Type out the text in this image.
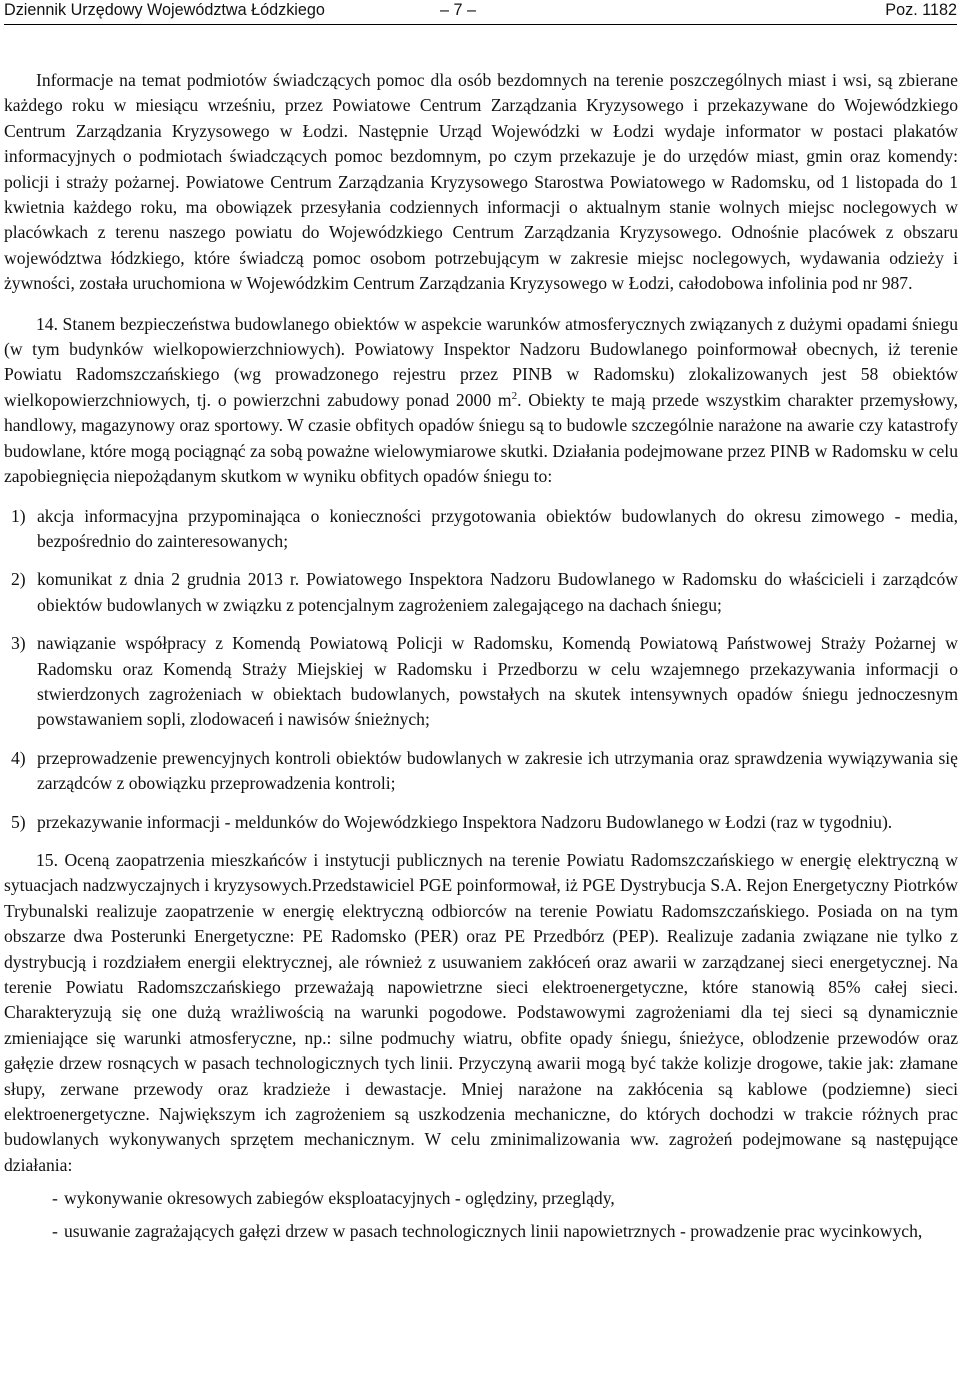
Dziennik Urzędowy Województwa Łódzkiego	– 7 –	Poz. 1182

Informacje na temat podmiotów świadczących pomoc dla osób bezdomnych na terenie poszczególnych miast i wsi, są zbierane każdego roku w miesiącu wrześniu, przez Powiatowe Centrum Zarządzania Kryzysowego i przekazywane do Wojewódzkiego Centrum Zarządzania Kryzysowego w Łodzi. Następnie Urząd Wojewódzki w Łodzi wydaje informator w postaci plakatów informacyjnych o podmiotach świadczących pomoc bezdomnym, po czym przekazuje je do urzędów miast, gmin oraz komendy: policji i straży pożarnej. Powiatowe Centrum Zarządzania Kryzysowego Starostwa Powiatowego w Radomsku, od 1 listopada do 1 kwietnia każdego roku, ma obowiązek przesyłania codziennych informacji o aktualnym stanie wolnych miejsc noclegowych w placówkach z terenu naszego powiatu do Wojewódzkiego Centrum Zarządzania Kryzysowego. Odnośnie placówek z obszaru województwa łódzkiego, które świadczą pomoc osobom potrzebującym w zakresie miejsc noclegowych, wydawania odzieży i żywności, została uruchomiona w Wojewódzkim Centrum Zarządzania Kryzysowego w Łodzi, całodobowa infolinia pod nr 987.

14. Stanem bezpieczeństwa budowlanego obiektów w aspekcie warunków atmosferycznych związanych z dużymi opadami śniegu (w tym budynków wielkopowierzchniowych). Powiatowy Inspektor Nadzoru Budowlanego poinformował obecnych, iż terenie Powiatu Radomszczańskiego (wg prowadzonego rejestru przez PINB w Radomsku) zlokalizowanych jest 58 obiektów wielkopowierzchniowych, tj. o powierzchni zabudowy ponad 2000 $m^2$. Obiekty te mają przede wszystkim charakter przemysłowy, handlowy, magazynowy oraz sportowy. W czasie obfitych opadów śniegu są to budowle szczególnie narażone na awarie czy katastrofy budowlane, które mogą pociągnąć za sobą poważne wielowymiarowe skutki. Działania podejmowane przez PINB w Radomsku w celu zapobiegnięcia niepożądanym skutkom w wyniku obfitych opadów śniegu to:

1) akcja informacyjna przypominająca o konieczności przygotowania obiektów budowlanych do okresu zimowego - media, bezpośrednio do zainteresowanych;
2) komunikat z dnia 2 grudnia 2013 r. Powiatowego Inspektora Nadzoru Budowlanego w Radomsku do właścicieli i zarządców obiektów budowlanych w związku z potencjalnym zagrożeniem zalegającego na dachach śniegu;
3) nawiązanie współpracy z Komendą Powiatową Policji w Radomsku, Komendą Powiatową Państwowej Straży Pożarnej w Radomsku oraz Komendą Straży Miejskiej w Radomsku i Przedborzu w celu wzajemnego przekazywania informacji o stwierdzonych zagrożeniach w obiektach budowlanych, powstałych na skutek intensywnych opadów śniegu jednoczesnym powstawaniem sopli, zlodowaceń i nawisów śnieżnych;
4) przeprowadzenie prewencyjnych kontroli obiektów budowlanych w zakresie ich utrzymania oraz sprawdzenia wywiązywania się zarządców z obowiązku przeprowadzenia kontroli;
5) przekazywanie informacji - meldunków do Wojewódzkiego Inspektora Nadzoru Budowlanego w Łodzi (raz w tygodniu).

15. Oceną zaopatrzenia mieszkańców i instytucji publicznych na terenie Powiatu Radomszczańskiego w energię elektryczną w sytuacjach nadzwyczajnych i kryzysowych.Przedstawiciel PGE poinformował, iż PGE Dystrybucja S.A. Rejon Energetyczny Piotrków Trybunalski realizuje zaopatrzenie w energię elektryczną odbiorców na terenie Powiatu Radomszczańskiego. Posiada on na tym obszarze dwa Posterunki Energetyczne: PE Radomsko (PER) oraz PE Przedbórz (PEP). Realizuje zadania związane nie tylko z dystrybucją i rozdziałem energii elektrycznej, ale również z usuwaniem zakłóceń oraz awarii w zarządzanej sieci energetycznej. Na terenie Powiatu Radomszczańskiego przeważają napowietrzne sieci elektroenergetyczne, które stanowią 85% całej sieci. Charakteryzują się one dużą wrażliwością na warunki pogodowe. Podstawowymi zagrożeniami dla tej sieci są dynamicznie zmieniające się warunki atmosferyczne, np.: silne podmuchy wiatru, obfite opady śniegu, śnieżyce, oblodzenie przewodów oraz gałęzie drzew rosnących w pasach technologicznych tych linii. Przyczyną awarii mogą być także kolizje drogowe, takie jak: złamane słupy, zerwane przewody oraz kradzieże i dewastacje. Mniej narażone na zakłócenia są kablowe (podziemne) sieci elektroenergetyczne. Największym ich zagrożeniem są uszkodzenia mechaniczne, do których dochodzi w trakcie różnych prac budowlanych wykonywanych sprzętem mechanicznym. W celu zminimalizowania ww. zagrożeń podejmowane są następujące działania:

- wykonywanie okresowych zabiegów eksploatacyjnych - oględziny, przeglądy,
- usuwanie zagrażających gałęzi drzew w pasach technologicznych linii napowietrznych - prowadzenie prac wycinkowych,
